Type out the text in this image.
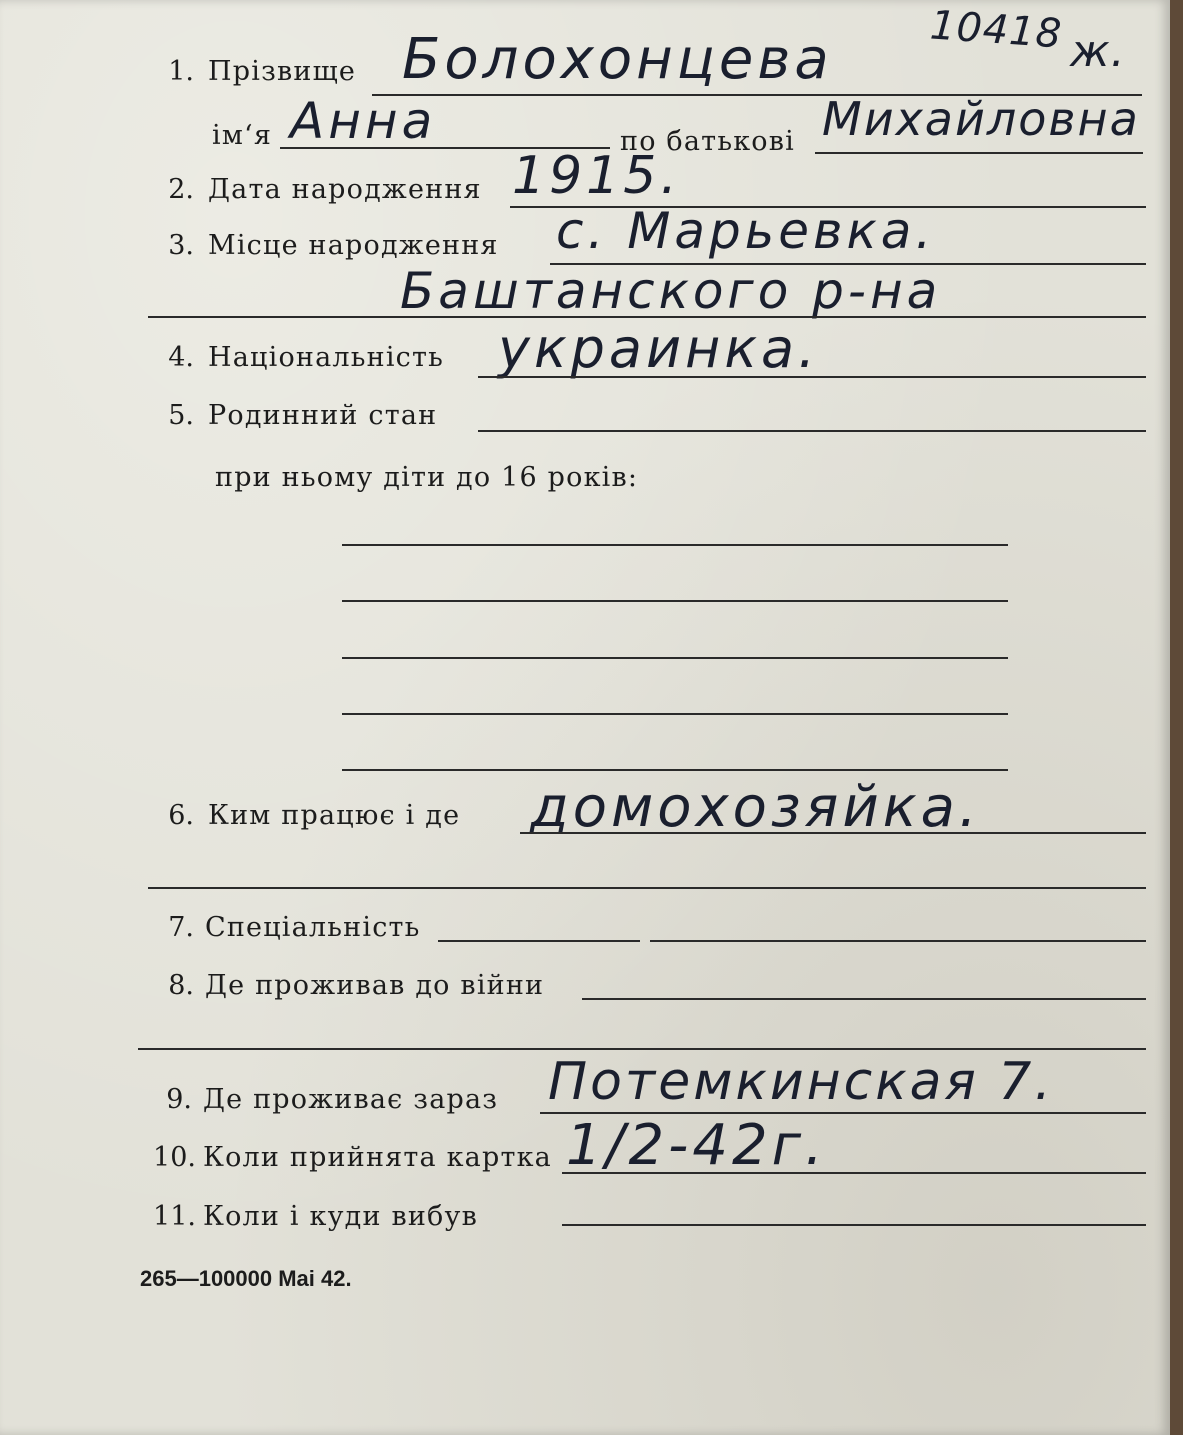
10418 ж.
1. Прізвище Болохонцева
ім‘я Анна	по батькові Михайловна
2. Дата народження 1915.
3. Місце народження с. Марьевка.
Баштанского р-на
4. Національність украинка.
5. Родинний стан
при ньому діти до 16 років:
6. Ким працює і де домохозяйка.
7. Спеціальність
8. Де проживав до війни
9. Де проживає зараз Потемкинская 7.
10. Коли прийнята картка 1/2-42г.
11. Коли і куди вибув
265—100000 Mai 42.
